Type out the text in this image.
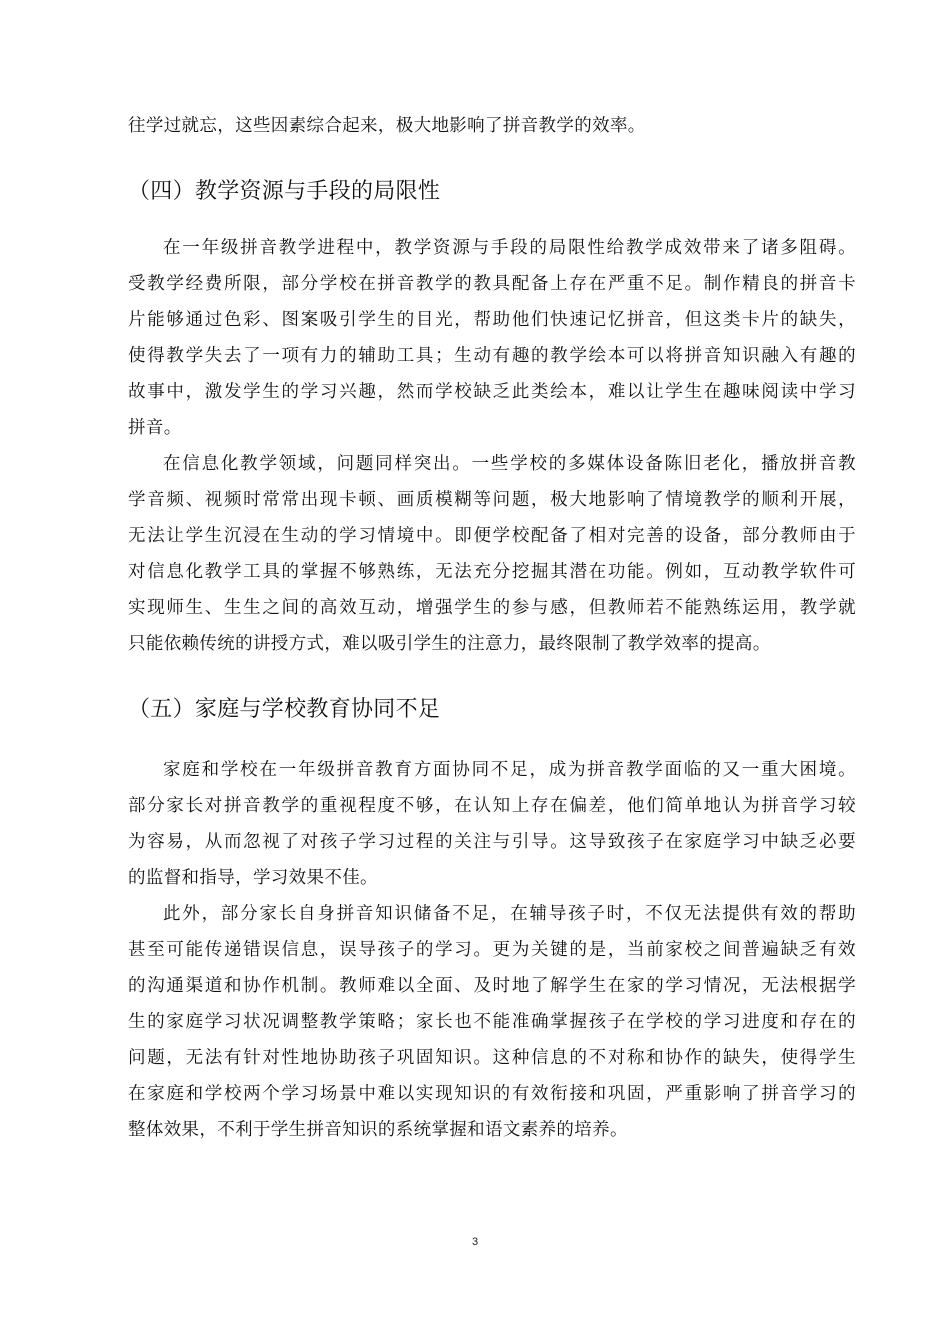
往学过就忘，这些因素综合起来，极大地影响了拼音教学的效率。
（四）教学资源与手段的局限性
在一年级拼音教学进程中，教学资源与手段的局限性给教学成效带来了诸多阻碍。
受教学经费所限，部分学校在拼音教学的教具配备上存在严重不足。制作精良的拼音卡
片能够通过色彩、图案吸引学生的目光，帮助他们快速记忆拼音，但这类卡片的缺失，
使得教学失去了一项有力的辅助工具；生动有趣的教学绘本可以将拼音知识融入有趣的
故事中，激发学生的学习兴趣，然而学校缺乏此类绘本，难以让学生在趣味阅读中学习
拼音。
在信息化教学领域，问题同样突出。一些学校的多媒体设备陈旧老化，播放拼音教
学音频、视频时常常出现卡顿、画质模糊等问题，极大地影响了情境教学的顺利开展，
无法让学生沉浸在生动的学习情境中。即便学校配备了相对完善的设备，部分教师由于
对信息化教学工具的掌握不够熟练，无法充分挖掘其潜在功能。例如，互动教学软件可
实现师生、生生之间的高效互动，增强学生的参与感，但教师若不能熟练运用，教学就
只能依赖传统的讲授方式，难以吸引学生的注意力，最终限制了教学效率的提高。
（五）家庭与学校教育协同不足
家庭和学校在一年级拼音教育方面协同不足，成为拼音教学面临的又一重大困境。
部分家长对拼音教学的重视程度不够，在认知上存在偏差，他们简单地认为拼音学习较
为容易，从而忽视了对孩子学习过程的关注与引导。这导致孩子在家庭学习中缺乏必要
的监督和指导，学习效果不佳。
此外，部分家长自身拼音知识储备不足，在辅导孩子时，不仅无法提供有效的帮助
甚至可能传递错误信息，误导孩子的学习。更为关键的是，当前家校之间普遍缺乏有效
的沟通渠道和协作机制。教师难以全面、及时地了解学生在家的学习情况，无法根据学
生的家庭学习状况调整教学策略；家长也不能准确掌握孩子在学校的学习进度和存在的
问题，无法有针对性地协助孩子巩固知识。这种信息的不对称和协作的缺失，使得学生
在家庭和学校两个学习场景中难以实现知识的有效衔接和巩固，严重影响了拼音学习的
整体效果，不利于学生拼音知识的系统掌握和语文素养的培养。
3
